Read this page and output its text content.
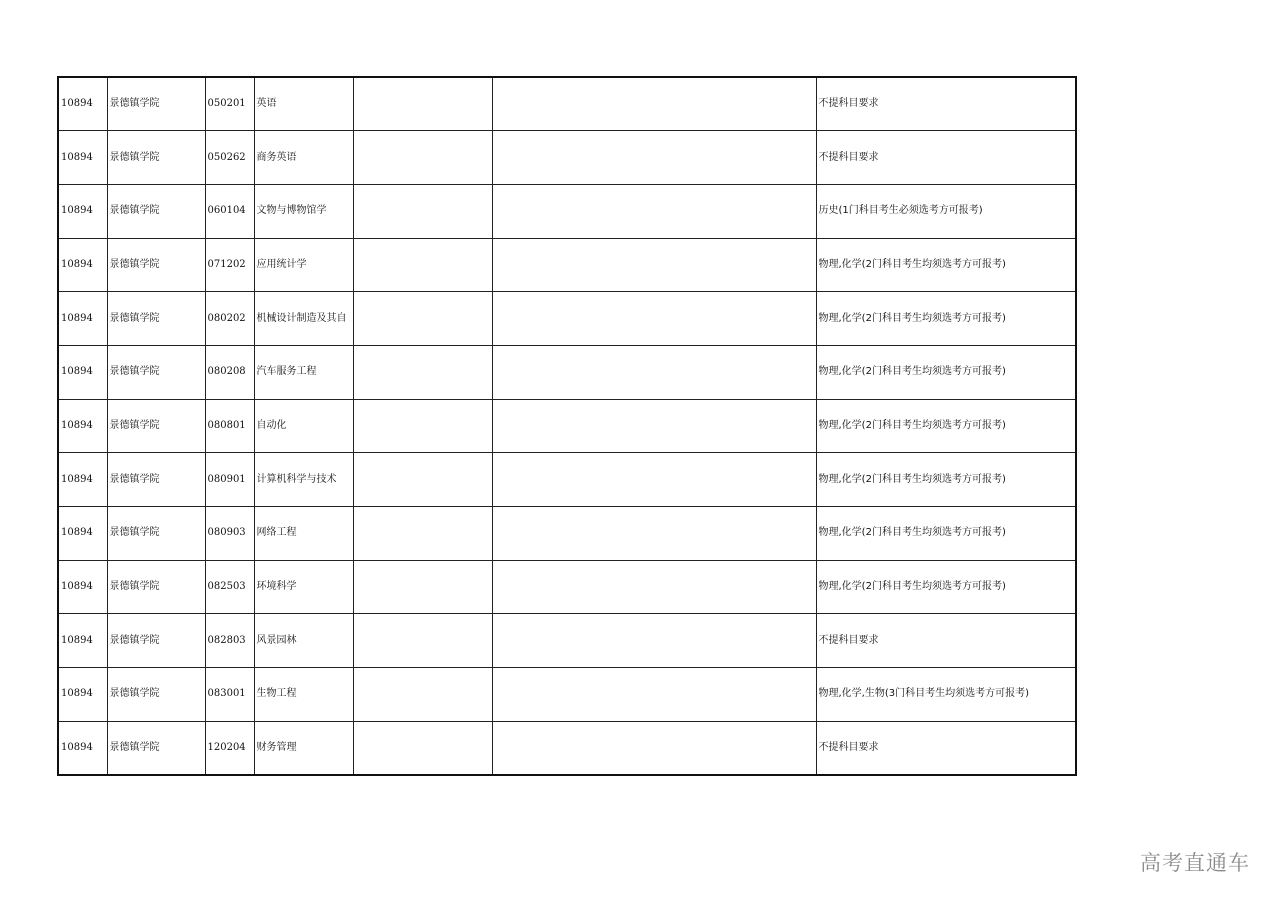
10894	景德镇学院	050201	英语			不提科目要求
10894	景德镇学院	050262	商务英语			不提科目要求
10894	景德镇学院	060104	文物与博物馆学			历史(1门科目考生必须选考方可报考)
10894	景德镇学院	071202	应用统计学			物理,化学(2门科目考生均须选考方可报考)
10894	景德镇学院	080202	机械设计制造及其自			物理,化学(2门科目考生均须选考方可报考)
10894	景德镇学院	080208	汽车服务工程			物理,化学(2门科目考生均须选考方可报考)
10894	景德镇学院	080801	自动化			物理,化学(2门科目考生均须选考方可报考)
10894	景德镇学院	080901	计算机科学与技术			物理,化学(2门科目考生均须选考方可报考)
10894	景德镇学院	080903	网络工程			物理,化学(2门科目考生均须选考方可报考)
10894	景德镇学院	082503	环境科学			物理,化学(2门科目考生均须选考方可报考)
10894	景德镇学院	082803	风景园林			不提科目要求
10894	景德镇学院	083001	生物工程			物理,化学,生物(3门科目考生均须选考方可报考)
10894	景德镇学院	120204	财务管理			不提科目要求
高考直通车
